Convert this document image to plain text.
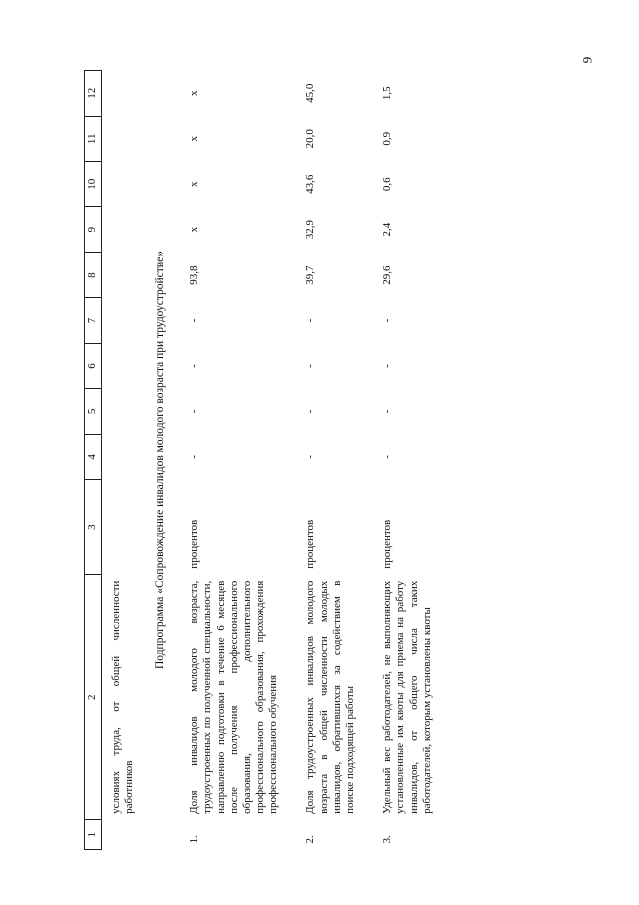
9
1	2	3	4	5	6	7	8	9	10	11	12
	условиях труда, от общей численности работников										
Подпрограмма «Сопровождение инвалидов молодого возраста при трудоустройстве»											
1.	Доля инвалидов молодого возраста, трудоустроенных по полученной специальности, направлению подготовки в течение 6 месяцев после получения профессионального образования, дополнительного профессионального образования, прохождения профессионального обучения	процентов	-	-	-	-	93,8	x	x	x	x
2.	Доля трудоустроенных инвалидов молодого возраста в общей численности молодых инвалидов, обратившихся за содействием в поиске подходящей работы	процентов	-	-	-	-	39,7	32,9	43,6	20,0	45,0
3.	Удельный вес работодателей, не выполняющих установленные им квоты для приема на работу инвалидов, от общего числа таких работодателей, которым установлены квоты	процентов	-	-	-	-	29,6	2,4	0,6	0,9	1,5
